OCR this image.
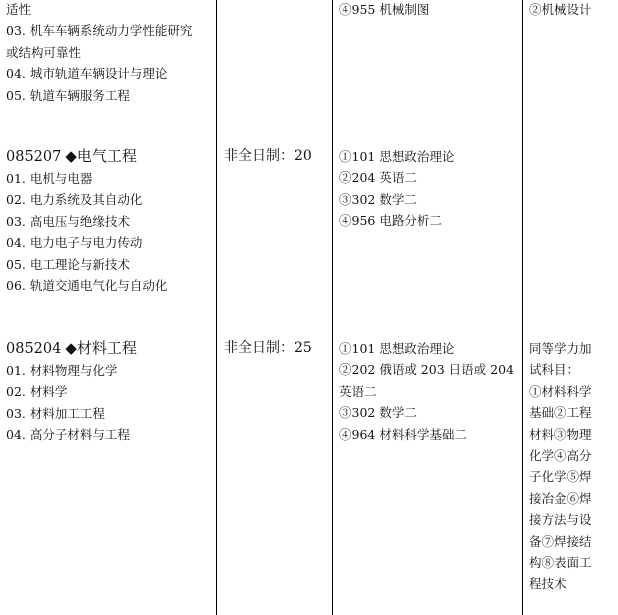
适性
03. 机车车辆系统动力学性能研究
或结构可靠性
04. 城市轨道车辆设计与理论
05. 轨道车辆服务工程
④955 机械制图	②机械设计
085207 ◆电气工程
01. 电机与电器
02. 电力系统及其自动化
03. 高电压与绝缘技术
04. 电力电子与电力传动
05. 电工理论与新技术
06. 轨道交通电气化与自动化
非全日制：20 ①101 思想政治理论
②204 英语二
③302 数学二
④956 电路分析二
085204 ◆材料工程
01. 材料物理与化学
02. 材料学
03. 材料加工工程
04. 高分子材料与工程
非全日制：25 ①101 思想政治理论
②202 俄语或 203 日语或 204
英语二
③302 数学二
④964 材料科学基础二
同等学力加
试科目：
①材料科学
基础②工程
材料③物理
化学④高分
子化学⑤焊
接冶金⑥焊
接方法与设
备⑦焊接结
构⑧表面工
程技术
